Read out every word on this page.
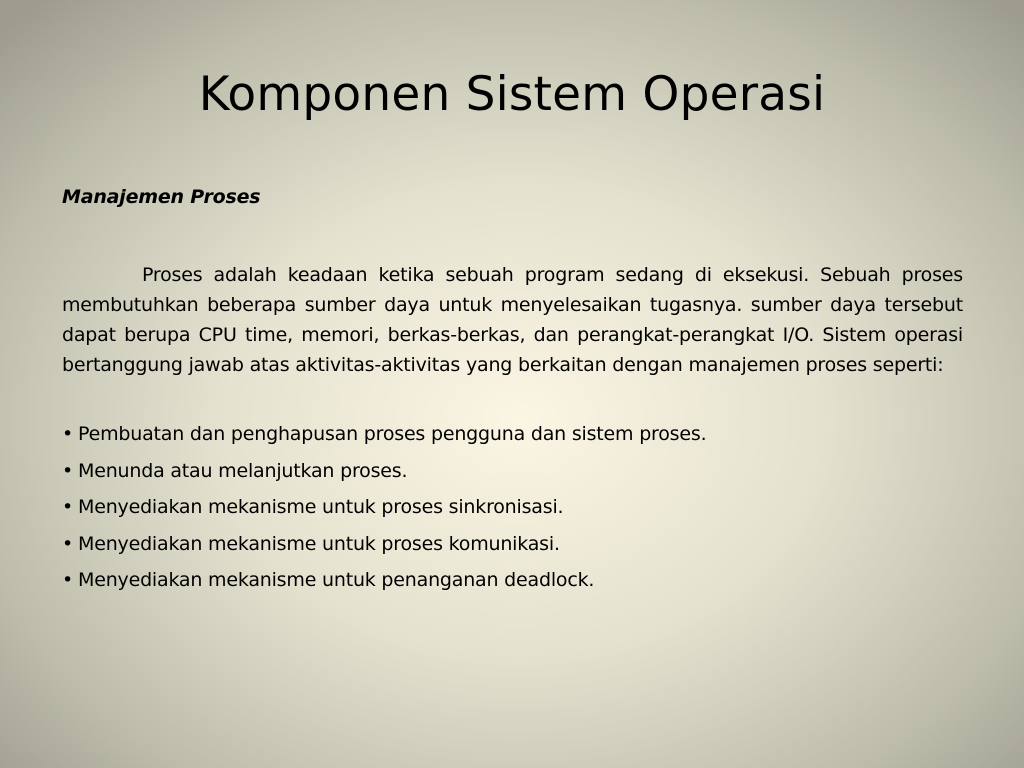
Komponen Sistem Operasi

Manajemen Proses

Proses adalah keadaan ketika sebuah program sedang di eksekusi. Sebuah proses membutuhkan beberapa sumber daya untuk menyelesaikan tugasnya. sumber daya tersebut dapat berupa CPU time, memori, berkas-berkas, dan perangkat-perangkat I/O. Sistem operasi bertanggung jawab atas aktivitas-aktivitas yang berkaitan dengan manajemen proses seperti:

• Pembuatan dan penghapusan proses pengguna dan sistem proses.
• Menunda atau melanjutkan proses.
• Menyediakan mekanisme untuk proses sinkronisasi.
• Menyediakan mekanisme untuk proses komunikasi.
• Menyediakan mekanisme untuk penanganan deadlock.
